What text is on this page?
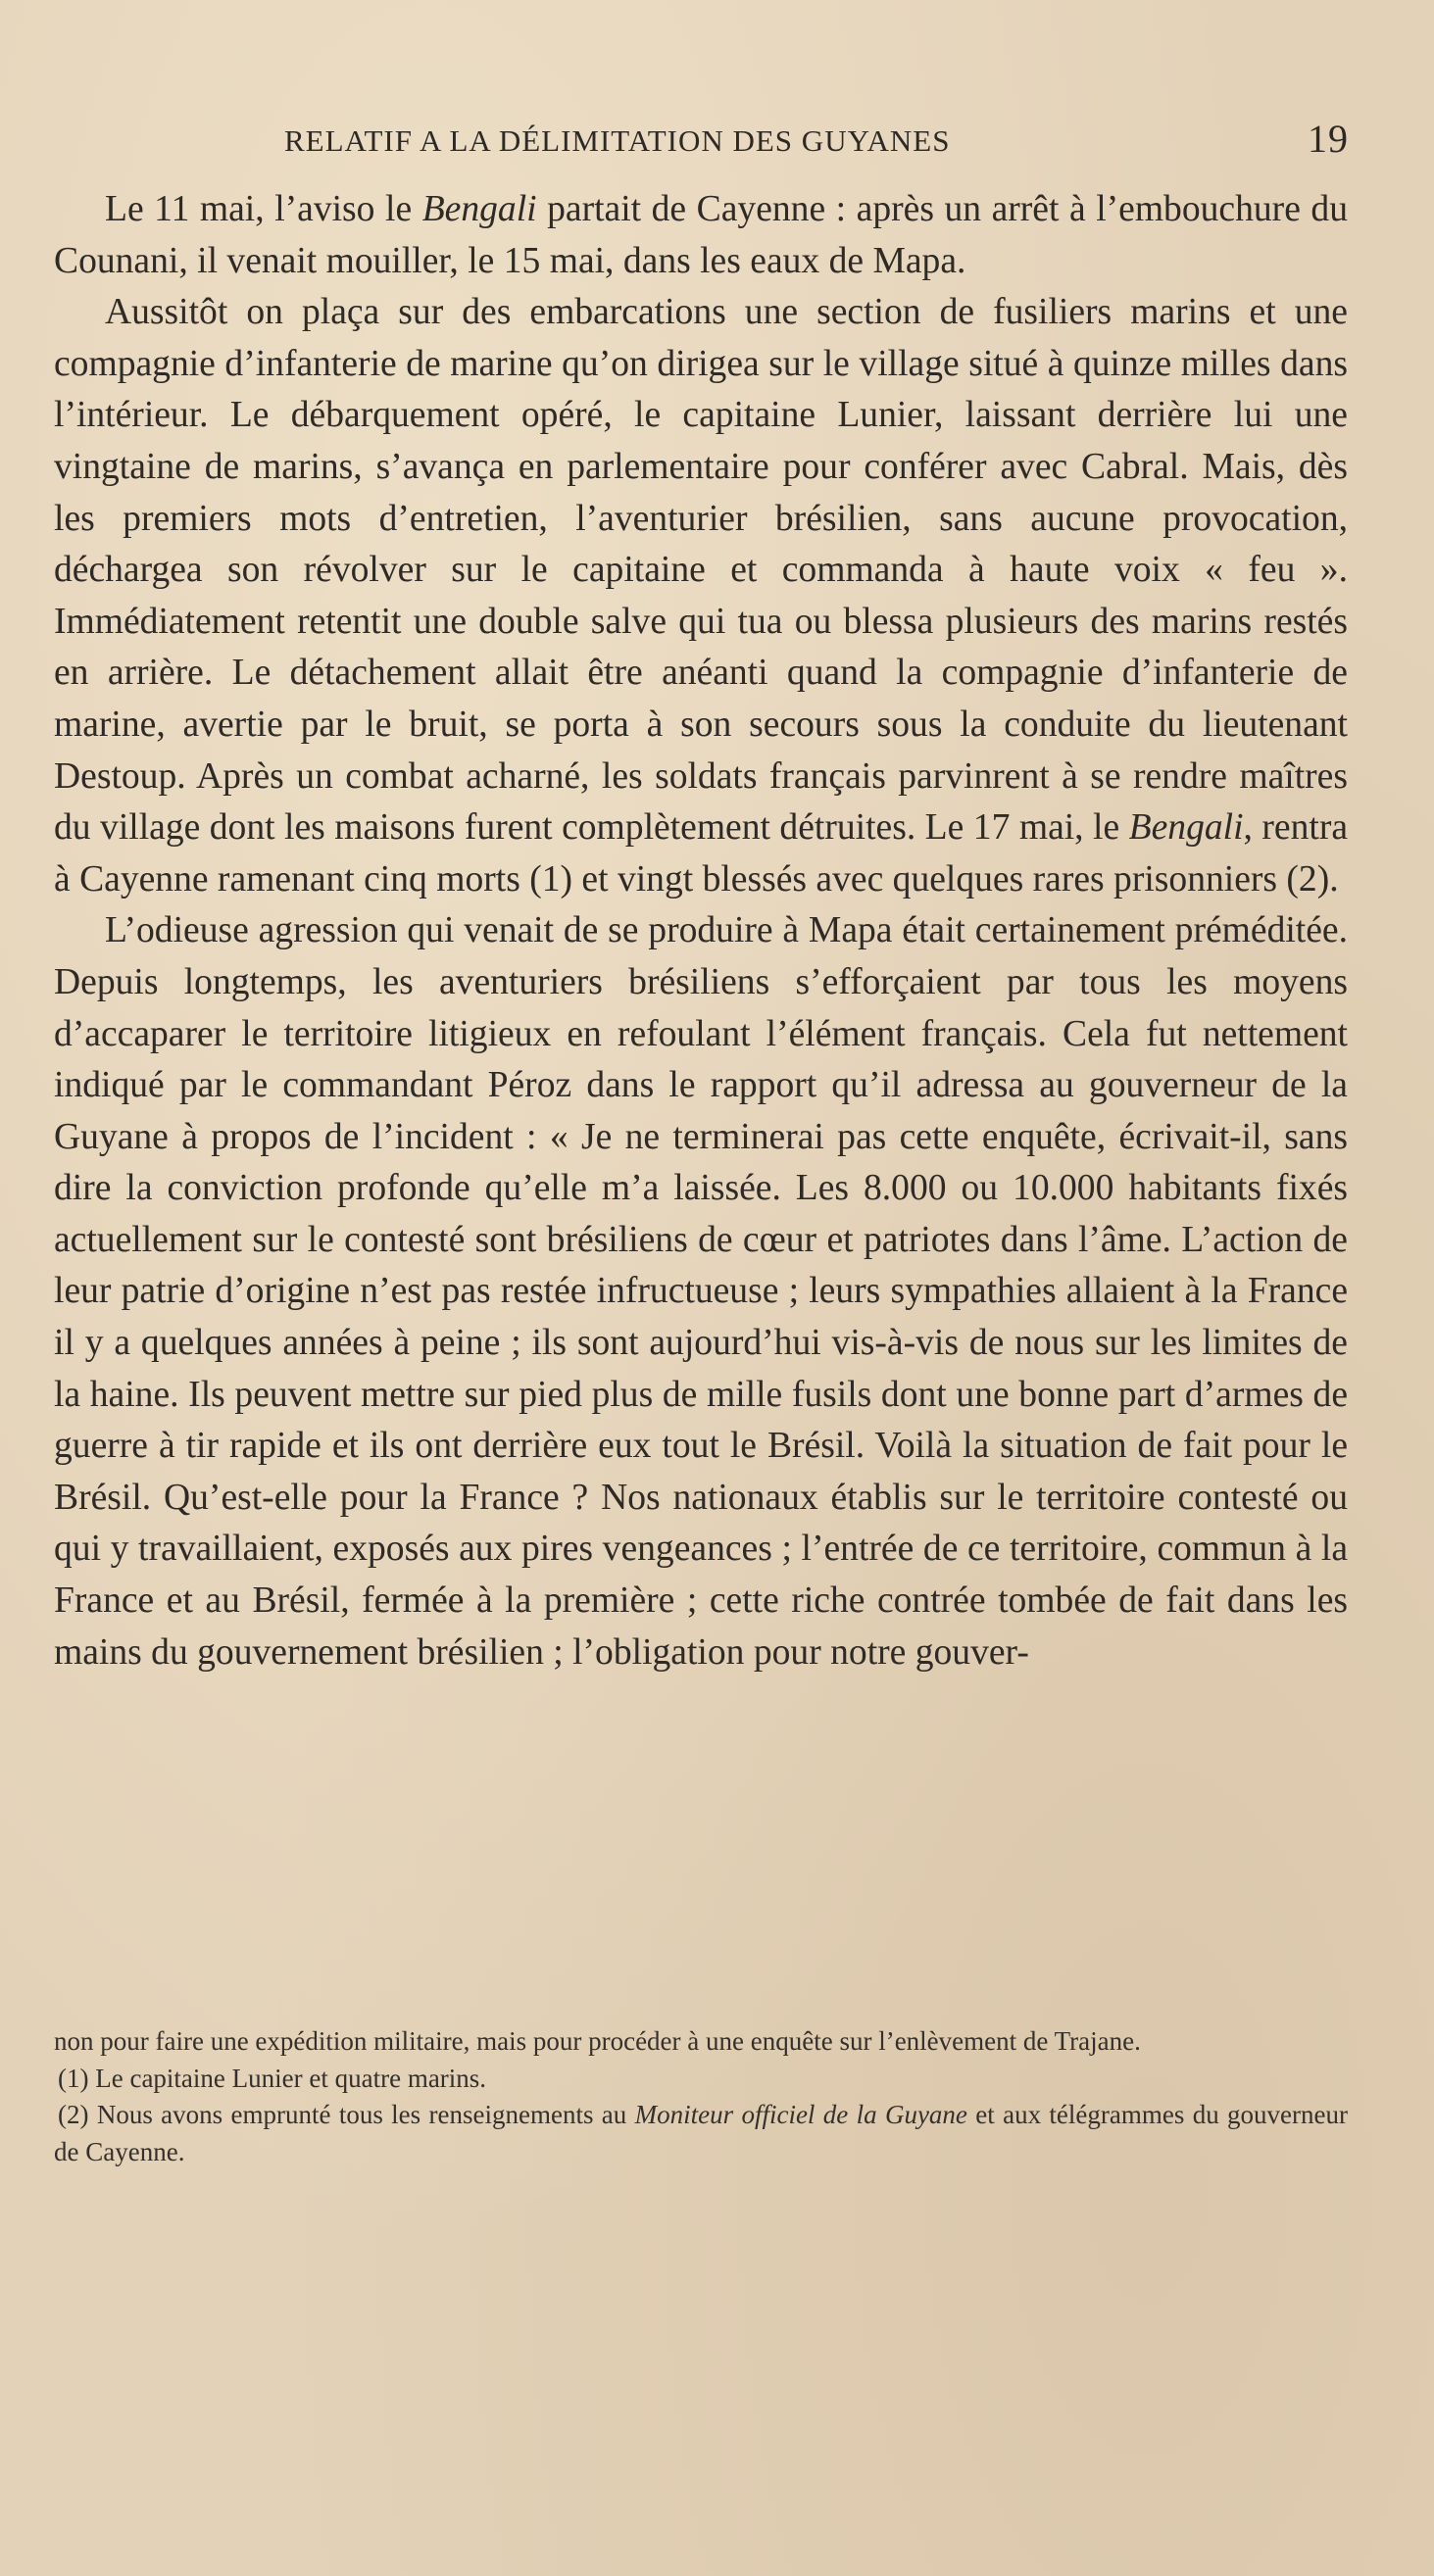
RELATIF A LA DÉLIMITATION DES GUYANES	19

Le 11 mai, l’aviso le Bengali partait de Cayenne : après un arrêt à l’embouchure du Counani, il venait mouiller, le 15 mai, dans les eaux de Mapa.

Aussitôt on plaça sur des embarcations une section de fusiliers marins et une compagnie d’infanterie de marine qu’on dirigea sur le village situé à quinze milles dans l’intérieur. Le débarquement opéré, le capitaine Lunier, laissant derrière lui une vingtaine de marins, s’avança en parlementaire pour conférer avec Cabral. Mais, dès les premiers mots d’entretien, l’aventurier brésilien, sans aucune provocation, déchargea son révolver sur le capitaine et commanda à haute voix « feu ». Immédiatement retentit une double salve qui tua ou blessa plusieurs des marins restés en arrière. Le détachement allait être anéanti quand la compagnie d’infanterie de marine, avertie par le bruit, se porta à son secours sous la conduite du lieutenant Destoup. Après un combat acharné, les soldats français parvinrent à se rendre maîtres du village dont les maisons furent complètement détruites. Le 17 mai, le Bengali, rentra à Cayenne ramenant cinq morts (1) et vingt blessés avec quelques rares prisonniers (2).

L’odieuse agression qui venait de se produire à Mapa était certainement préméditée. Depuis longtemps, les aventuriers brésiliens s’efforçaient par tous les moyens d’accaparer le territoire litigieux en refoulant l’élément français. Cela fut nettement indiqué par le commandant Péroz dans le rapport qu’il adressa au gouverneur de la Guyane à propos de l’incident : « Je ne terminerai pas cette enquête, écrivait-il, sans dire la conviction profonde qu’elle m’a laissée. Les 8.000 ou 10.000 habitants fixés actuellement sur le contesté sont brésiliens de cœur et patriotes dans l’âme. L’action de leur patrie d’origine n’est pas restée infructueuse ; leurs sympathies allaient à la France il y a quelques années à peine ; ils sont aujourd’hui vis-à-vis de nous sur les limites de la haine. Ils peuvent mettre sur pied plus de mille fusils dont une bonne part d’armes de guerre à tir rapide et ils ont derrière eux tout le Brésil. Voilà la situation de fait pour le Brésil. Qu’est-elle pour la France ? Nos nationaux établis sur le territoire contesté ou qui y travaillaient, exposés aux pires vengeances ; l’entrée de ce territoire, commun à la France et au Brésil, fermée à la première ; cette riche contrée tombée de fait dans les mains du gouvernement brésilien ; l’obligation pour notre gouver-

non pour faire une expédition militaire, mais pour procéder à une enquête sur l’enlèvement de Trajane.

(1) Le capitaine Lunier et quatre marins.

(2) Nous avons emprunté tous les renseignements au Moniteur officiel de la Guyane et aux télégrammes du gouverneur de Cayenne.
